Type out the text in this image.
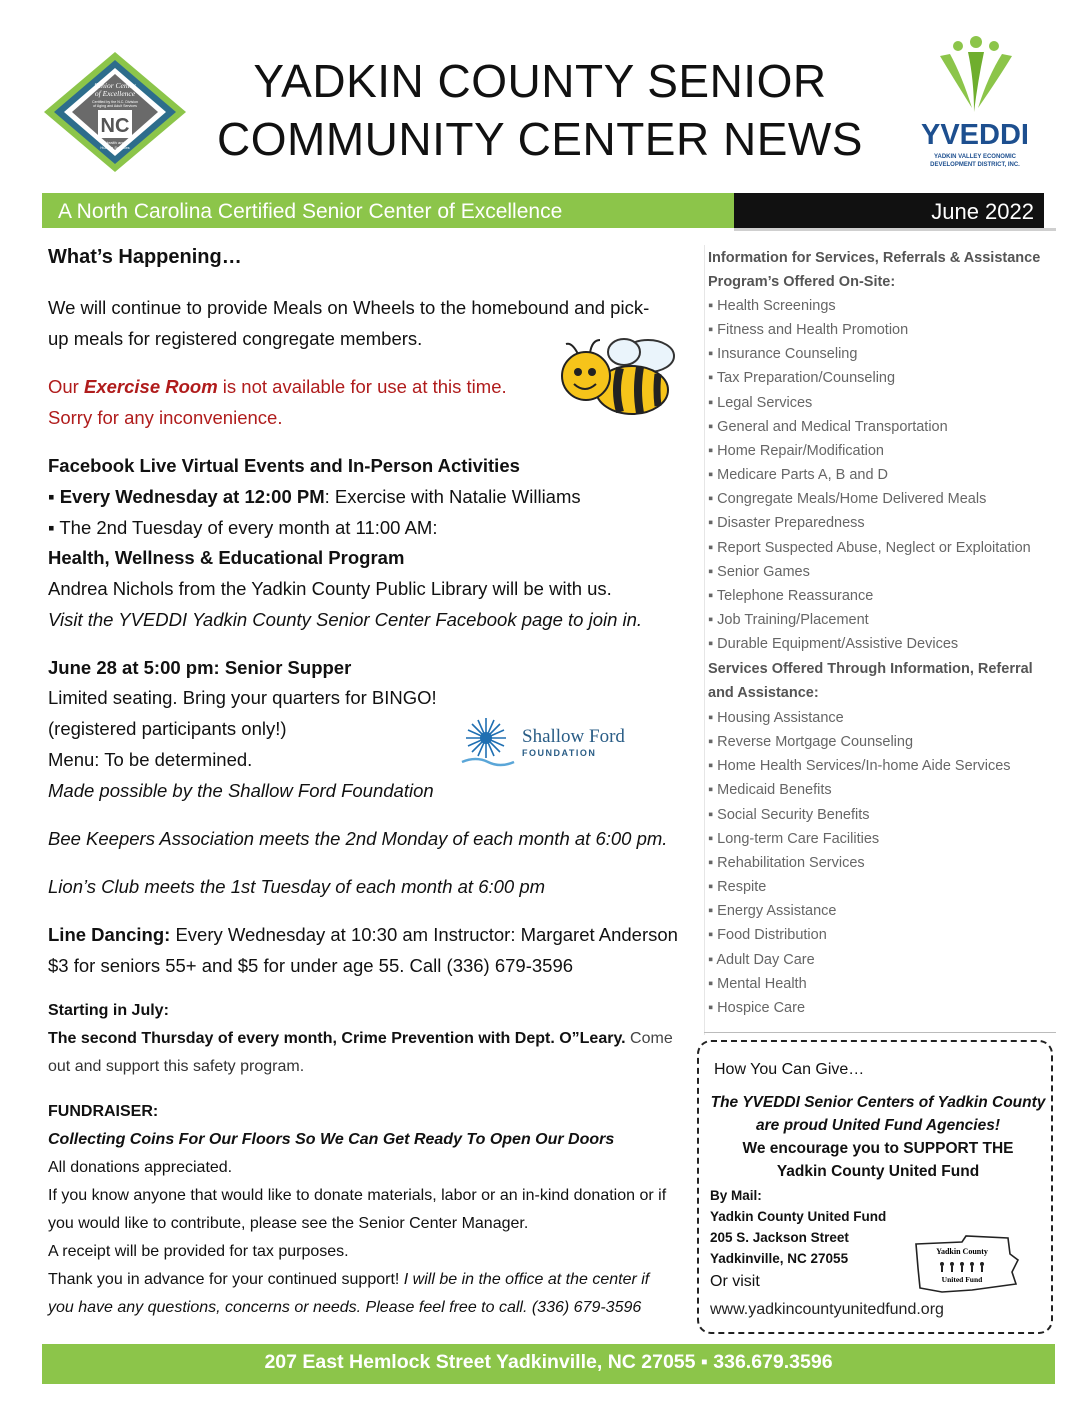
Senior Center
of Excellence
Certified by the N.C. Division
of Aging and Adult Services
NC
Health and
Human Services
YADKIN COUNTY SENIOR
COMMUNITY CENTER NEWS	YVEDDI
YADKIN VALLEY ECONOMIC
DEVELOPMENT DISTRICT, INC.
A North Carolina Certified Senior Center of Excellence	June 2022
What’s Happening…
We will continue to provide Meals on Wheels to the homebound and pick-
up meals for registered congregate members.
Our Exercise Room is not available for use at this time.
Sorry for any inconvenience.
Facebook Live Virtual Events and In-Person Activities
▪ Every Wednesday at 12:00 PM: Exercise with Natalie Williams
▪ The 2nd Tuesday of every month at 11:00 AM:
Health, Wellness & Educational Program
Andrea Nichols from the Yadkin County Public Library will be with us.
Visit the YVEDDI Yadkin County Senior Center Facebook page to join in.
June 28 at 5:00 pm: Senior Supper
Limited seating. Bring your quarters for BINGO!
(registered participants only!)
Menu: To be determined.
Made possible by the Shallow Ford Foundation
Shallow Ford
FOUNDATION
Bee Keepers Association meets the 2nd Monday of each month at 6:00 pm.
Lion’s Club meets the 1st Tuesday of each month at 6:00 pm
Line Dancing: Every Wednesday at 10:30 am Instructor: Margaret Anderson
$3 for seniors 55+ and $5 for under age 55. Call (336) 679-3596
Starting in July:
The second Thursday of every month, Crime Prevention with Dept. O”Leary. Come
out and support this safety program.
FUNDRAISER:
Collecting Coins For Our Floors So We Can Get Ready To Open Our Doors
All donations appreciated.
If you know anyone that would like to donate materials, labor or an in-kind donation or if
you would like to contribute, please see the Senior Center Manager.
A receipt will be provided for tax purposes.
Thank you in advance for your continued support! I will be in the office at the center if
you have any questions, concerns or needs. Please feel free to call. (336) 679-3596
Information for Services, Referrals & Assistance
Program’s Offered On-Site:
▪ Health Screenings
▪ Fitness and Health Promotion
▪ Insurance Counseling
▪ Tax Preparation/Counseling
▪ Legal Services
▪ General and Medical Transportation
▪ Home Repair/Modification
▪ Medicare Parts A, B and D
▪ Congregate Meals/Home Delivered Meals
▪ Disaster Preparedness
▪ Report Suspected Abuse, Neglect or Exploitation
▪ Senior Games
▪ Telephone Reassurance
▪ Job Training/Placement
▪ Durable Equipment/Assistive Devices
Services Offered Through Information, Referral
and Assistance:
▪ Housing Assistance
▪ Reverse Mortgage Counseling
▪ Home Health Services/In-home Aide Services
▪ Medicaid Benefits
▪ Social Security Benefits
▪ Long-term Care Facilities
▪ Rehabilitation Services
▪ Respite
▪ Energy Assistance
▪ Food Distribution
▪ Adult Day Care
▪ Mental Health
▪ Hospice Care
How You Can Give…
The YVEDDI Senior Centers of Yadkin County
are proud United Fund Agencies!
We encourage you to SUPPORT THE
Yadkin County United Fund
By Mail:
Yadkin County United Fund
205 S. Jackson Street
Yadkinville, NC 27055
Or visit
www.yadkincountyunitedfund.org
Yadkin County
United Fund
207 East Hemlock Street Yadkinville, NC 27055 ▪ 336.679.3596
